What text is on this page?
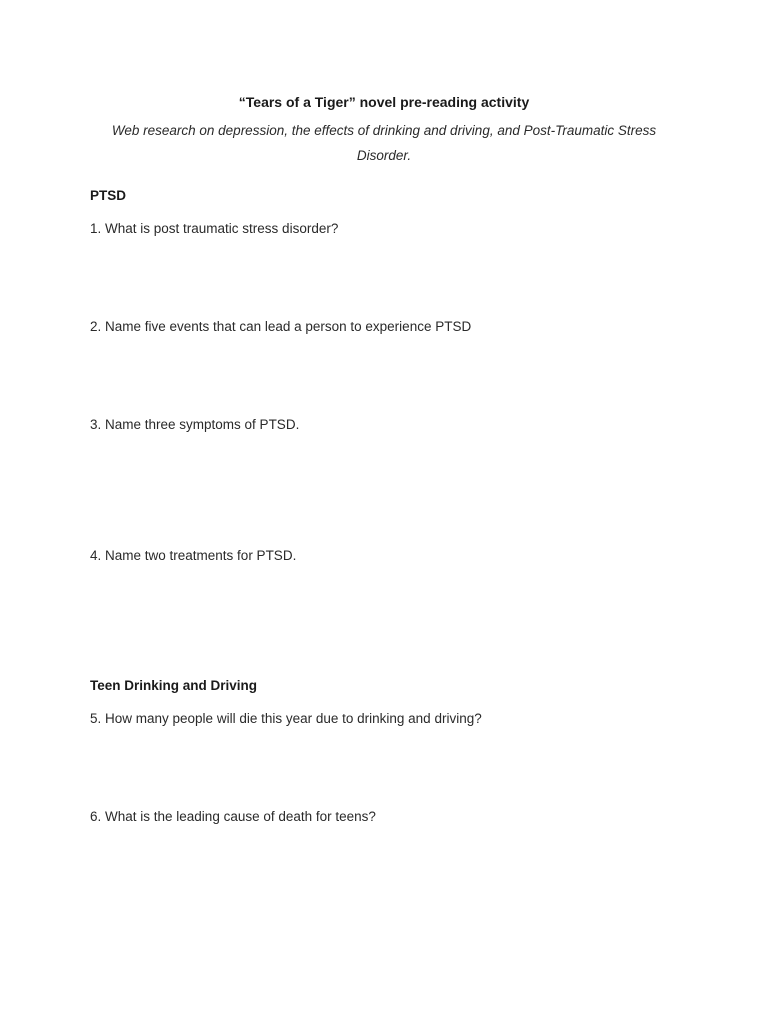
“Tears of a Tiger” novel pre-reading activity
Web research on depression, the effects of drinking and driving, and Post-Traumatic Stress Disorder.
PTSD
1. What is post traumatic stress disorder?
2. Name five events that can lead a person to experience PTSD
3. Name three symptoms of PTSD.
4. Name two treatments for PTSD.
Teen Drinking and Driving
5. How many people will die this year due to drinking and driving?
6. What is the leading cause of death for teens?
